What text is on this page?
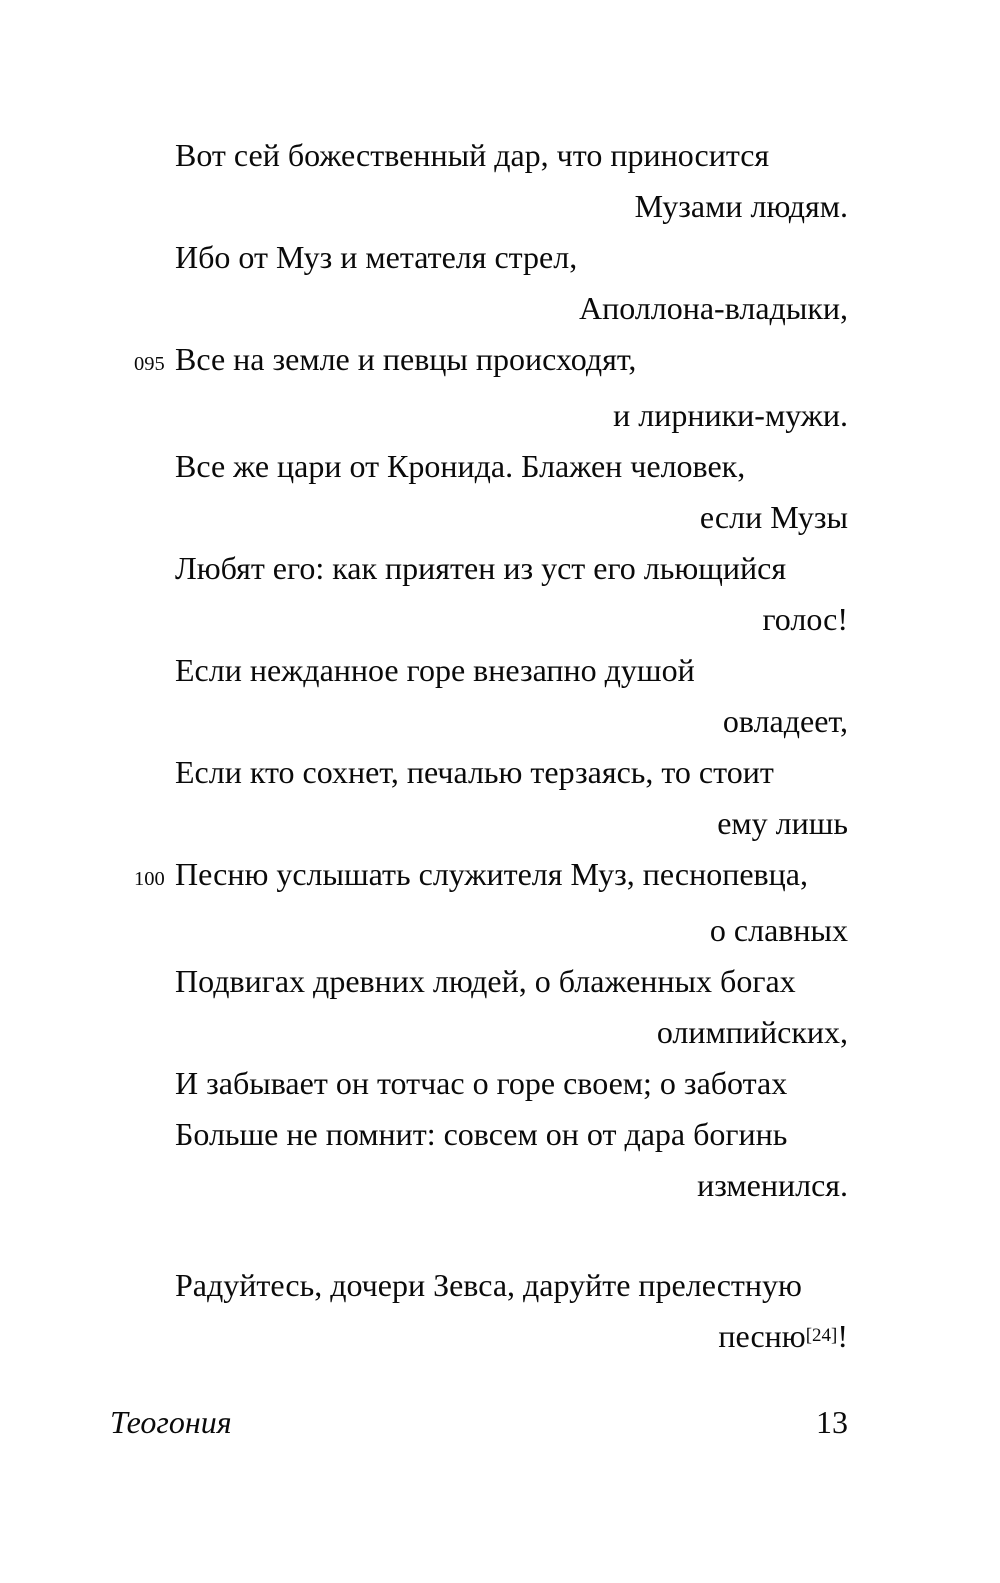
Вот сей божественный дар, что приносится
Музами людям.
Ибо от Муз и метателя стрел,
Аполлона-владыки,
095 Все на земле и певцы происходят,
и лирники-мужи.
Все же цари от Кронида. Блажен человек,
если Музы
Любят его: как приятен из уст его льющийся
голос!
Если нежданное горе внезапно душой
овладеет,
Если кто сохнет, печалью терзаясь, то стоит
ему лишь
100 Песню услышать служителя Муз, песнопевца,
о славных
Подвигах древних людей, о блаженных богах
олимпийских,
И забывает он тотчас о горе своем; о заботах
Больше не помнит: совсем он от дара богинь
изменился.
Радуйтесь, дочери Зевса, даруйте прелестную
песню[24]!
Теогония	13
